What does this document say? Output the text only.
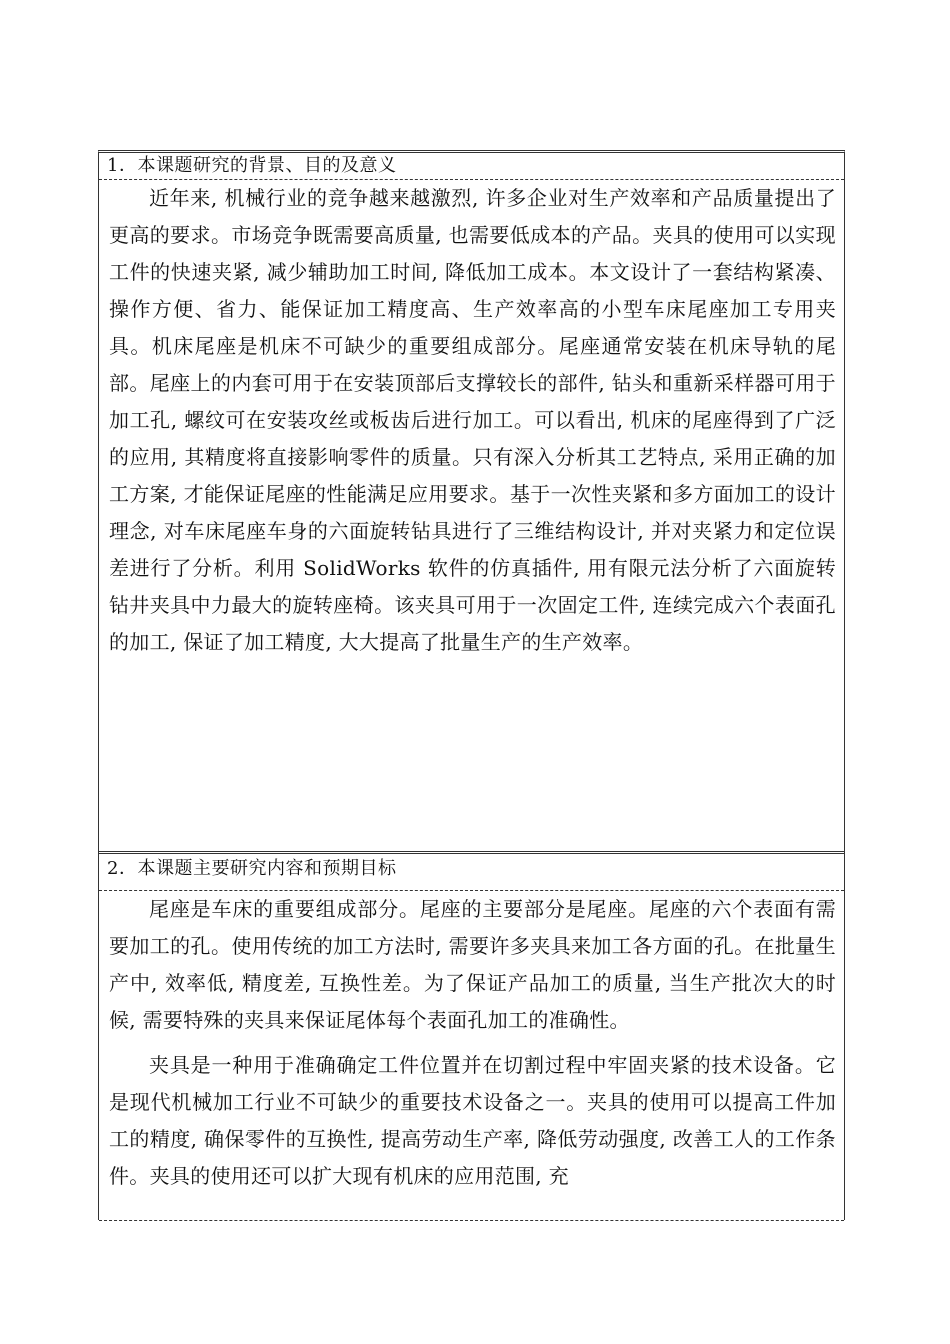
1．本课题研究的背景、目的及意义

近年来, 机械行业的竞争越来越激烈, 许多企业对生产效率和产品质量提出了更高的要求。市场竞争既需要高质量, 也需要低成本的产品。夹具的使用可以实现工件的快速夹紧, 减少辅助加工时间, 降低加工成本。本文设计了一套结构紧凑、操作方便、省力、能保证加工精度高、生产效率高的小型车床尾座加工专用夹具。机床尾座是机床不可缺少的重要组成部分。尾座通常安装在机床导轨的尾部。尾座上的内套可用于在安装顶部后支撑较长的部件, 钻头和重新采样器可用于加工孔, 螺纹可在安装攻丝或板齿后进行加工。可以看出, 机床的尾座得到了广泛的应用, 其精度将直接影响零件的质量。只有深入分析其工艺特点, 采用正确的加工方案, 才能保证尾座的性能满足应用要求。基于一次性夹紧和多方面加工的设计理念, 对车床尾座车身的六面旋转钻具进行了三维结构设计, 并对夹紧力和定位误差进行了分析。利用 SolidWorks 软件的仿真插件, 用有限元法分析了六面旋转钻井夹具中力最大的旋转座椅。该夹具可用于一次固定工件, 连续完成六个表面孔的加工, 保证了加工精度, 大大提高了批量生产的生产效率。

2．本课题主要研究内容和预期目标

尾座是车床的重要组成部分。尾座的主要部分是尾座。尾座的六个表面有需要加工的孔。使用传统的加工方法时, 需要许多夹具来加工各方面的孔。在批量生产中, 效率低, 精度差, 互换性差。为了保证产品加工的质量, 当生产批次大的时候, 需要特殊的夹具来保证尾体每个表面孔加工的准确性。

夹具是一种用于准确确定工件位置并在切割过程中牢固夹紧的技术设备。它是现代机械加工行业不可缺少的重要技术设备之一。夹具的使用可以提高工件加工的精度, 确保零件的互换性, 提高劳动生产率, 降低劳动强度, 改善工人的工作条件。夹具的使用还可以扩大现有机床的应用范围, 充
